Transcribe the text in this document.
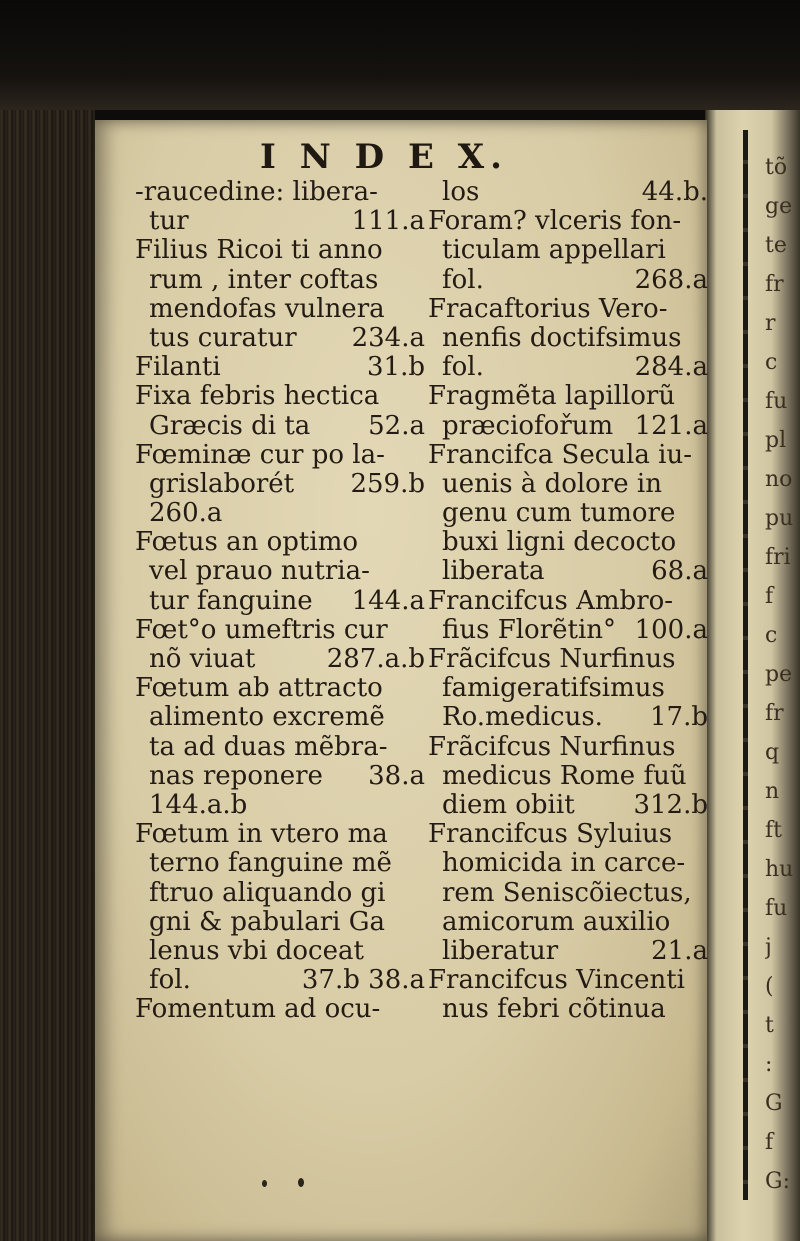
tõ
ge
te
fr
r
c
fu
pl
no
pu
fri
f
c
pe
fr
q
n
ft
hu
fu
j
(
t
:
G
f
G:
I N D E X.
-raucedine: libera-
tur	111.a
Filius Ricoi ti anno
rum , inter coftas
mendofas vulnera
tus curatur 234.a
Filanti	31.b
Fixa febris hectica
Græcis di ta 52.a
Fœminæ cur po la-
grislaborét 259.b
260.a
Fœtus an optimo
vel prauo nutria-
tur fanguine 144.a
Fœt°o umeftris cur
nõ viuat	287.a.b
Fœtum ab attracto
alimento excremẽ
ta ad duas mẽbra-
nas reponere 38.a
144.a.b
Fœtum in vtero ma
terno fanguine mẽ
ftruo aliquando gi
gni & pabulari Ga
lenus vbi doceat
fol.	37.b 38.a
Fomentum ad ocu-
los	44.b.
Foram? vlceris fon-
ticulam appellari
fol.	268.a
Fracaftorius Vero-
nenfis doctifsimus
fol.	284.a
Fragmẽta lapillorũ
præciofořum 121.a
Francifca Secula iu-
uenis à dolore in
genu cum tumore
buxi ligni decocto
liberata	68.a
Francifcus Ambro-
fius Florẽtin° 100.a
Frãcifcus Nurfinus
famigeratifsimus
Ro.medicus. 17.b
Frãcifcus Nurfinus
medicus Rome fuũ
diem obiit 312.b
Francifcus Syluius
homicida in carce-
rem Seniscõiectus,
amicorum auxilio
liberatur	21.a
Francifcus Vincenti
nus febri cõtinua
